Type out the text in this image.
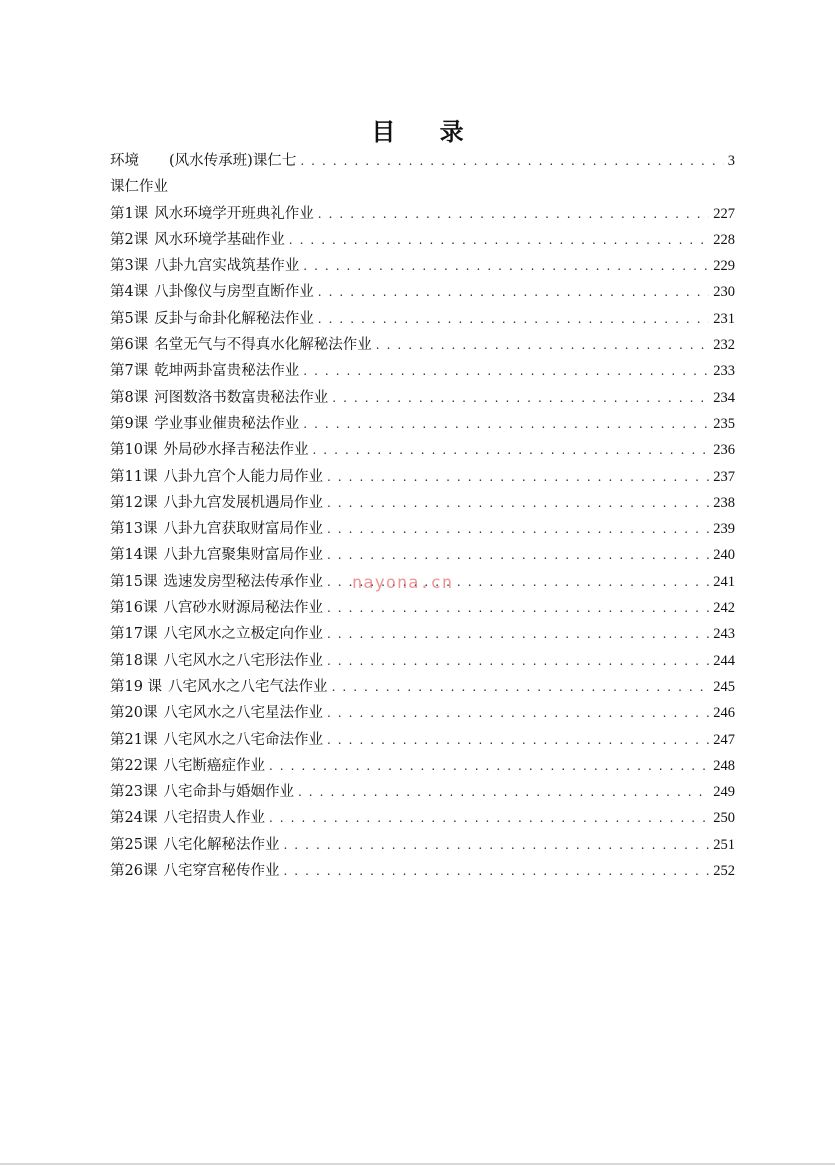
目 录
环境 (风水传承班)课仁七 . . .	3
课仁作业
第1课 风水环境学开班典礼作业 . . .	227
第2课 风水环境学基础作业 . . .	228
第3课 八卦九宫实战筑基作业 . . .	229
第4课 八卦像仪与房型直断作业 . . .	230
第5课 反卦与命卦化解秘法作业 . . .	231
第6课 名堂无气与不得真水化解秘法作业 . . .	232
第7课 乾坤两卦富贵秘法作业 . . .	233
第8课 河图数洛书数富贵秘法作业 . . .	234
第9课 学业事业催贵秘法作业 . . .	235
第10课 外局砂水择吉秘法作业 . . .	236
第11课 八卦九宫个人能力局作业 . . .	237
第12课 八卦九宫发展机遇局作业 . . .	238
第13课 八卦九宫获取财富局作业 . . .	239
第14课 八卦九宫聚集财富局作业 . . .	240
第15课 选速发房型秘法传承作业 . . .	241
第16课 八宫砂水财源局秘法作业 . . .	242
第17课 八宅风水之立极定向作业 . . .	243
第18课 八宅风水之八宅形法作业 . . .	244
第19 课 八宅风水之八宅气法作业 . . .	245
第20课 八宅风水之八宅星法作业 . . .	246
第21课 八宅风水之八宅命法作业 . . .	247
第22课 八宅断癌症作业 . . .	248
第23课 八宅命卦与婚姻作业 . . .	249
第24课 八宅招贵人作业 . . .	250
第25课 八宅化解秘法作业 . . .	251
第26课 八宅穿宫秘传作业 . . .	252
nayona.cn
